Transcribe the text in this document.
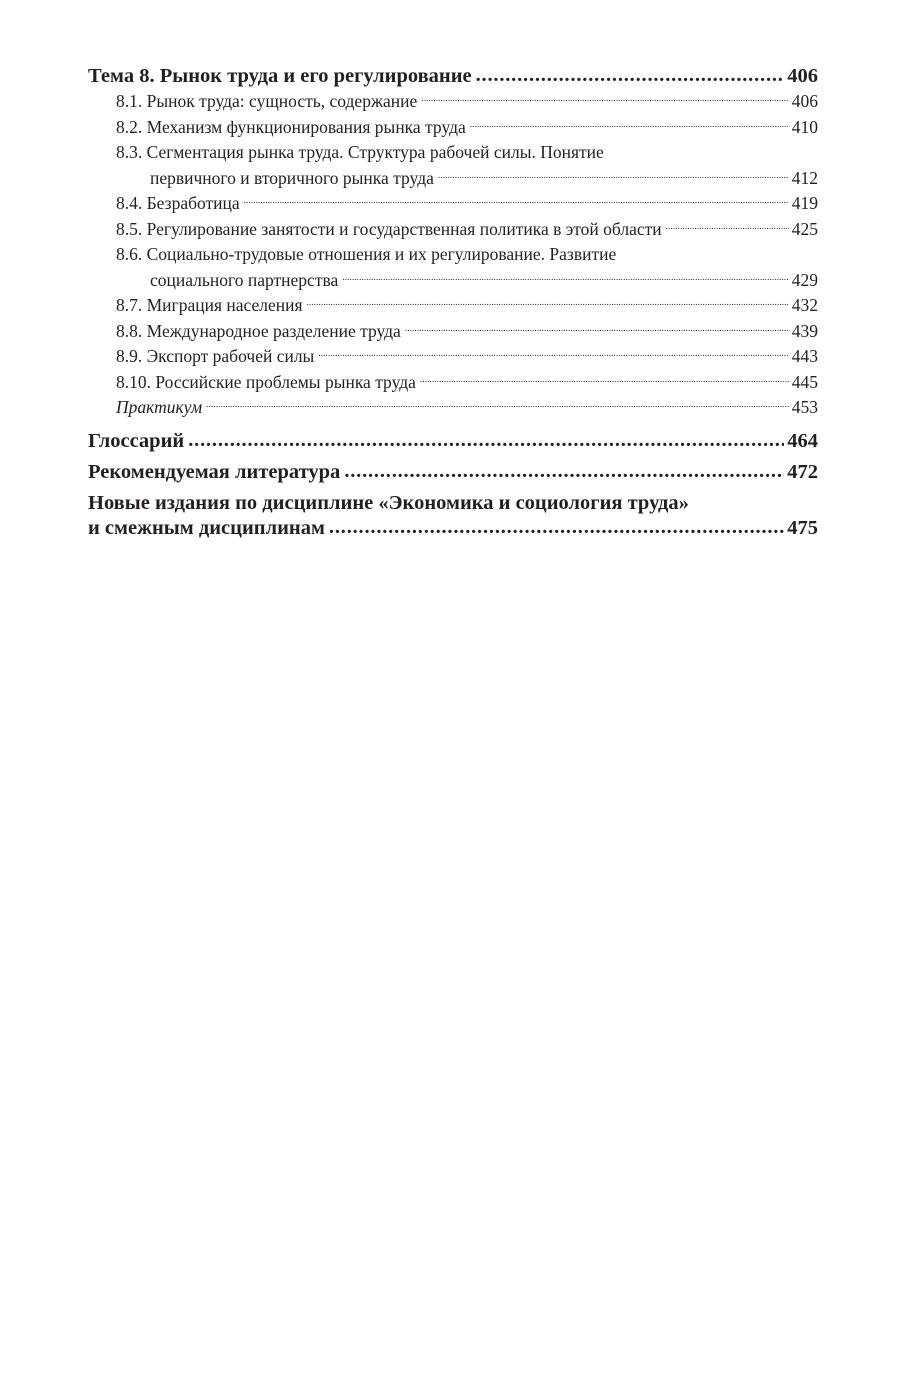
Тема 8. Рынок труда и его регулирование .....	406
8.1. Рынок труда: сущность, содержание .....	406
8.2. Механизм функционирования рынка труда .....	410
8.3. Сегментация рынка труда. Структура рабочей силы. Понятие
первичного и вторичного рынка труда .....	412
8.4. Безработица .....	419
8.5. Регулирование занятости и государственная политика в этой области .....	425
8.6. Социально-трудовые отношения и их регулирование. Развитие
социального партнерства .....	429
8.7. Миграция населения .....	432
8.8. Международное разделение труда .....	439
8.9. Экспорт рабочей силы .....	443
8.10. Российские проблемы рынка труда .....	445
Практикум .....	453
Глоссарий .....	464
Рекомендуемая литература .....	472
Новые издания по дисциплине «Экономика и социология труда»
и смежным дисциплинам .....	475
